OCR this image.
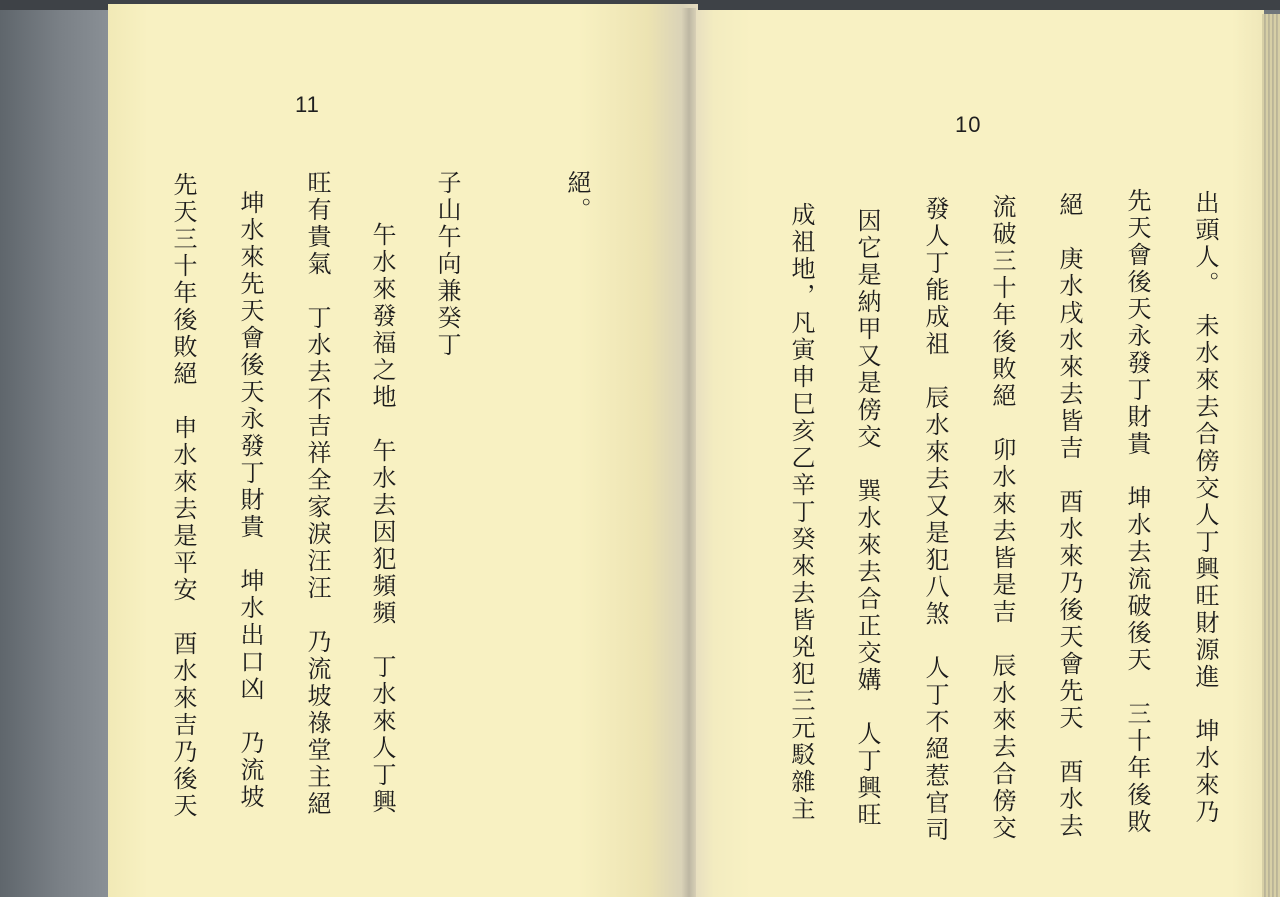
11
絕。
子山午向兼癸丁
午水來發福之地　午水去因犯頻頻　丁水來人丁興
旺有貴氣　丁水去不吉祥全家淚汪汪　乃流坡祿堂主絕
坤水來先天會後天永發丁財貴　坤水出口凶　乃流坡
先天三十年後敗絕　申水來去是平安　酉水來吉乃後天
10
出頭人。　未水來去合傍交人丁興旺財源進　坤水來乃
先天會後天永發丁財貴　坤水去流破後天　三十年後敗
絕　庚水戌水來去皆吉　酉水來乃後天會先天　酉水去
流破三十年後敗絕　卯水來去皆是吉　辰水來去合傍交
發人丁能成祖　辰水來去又是犯八煞　人丁不絕惹官司
因它是納甲又是傍交　巽水來去合正交媾　人丁興旺
成祖地，凡寅申巳亥乙辛丁癸來去皆兇犯三元駁雜主
